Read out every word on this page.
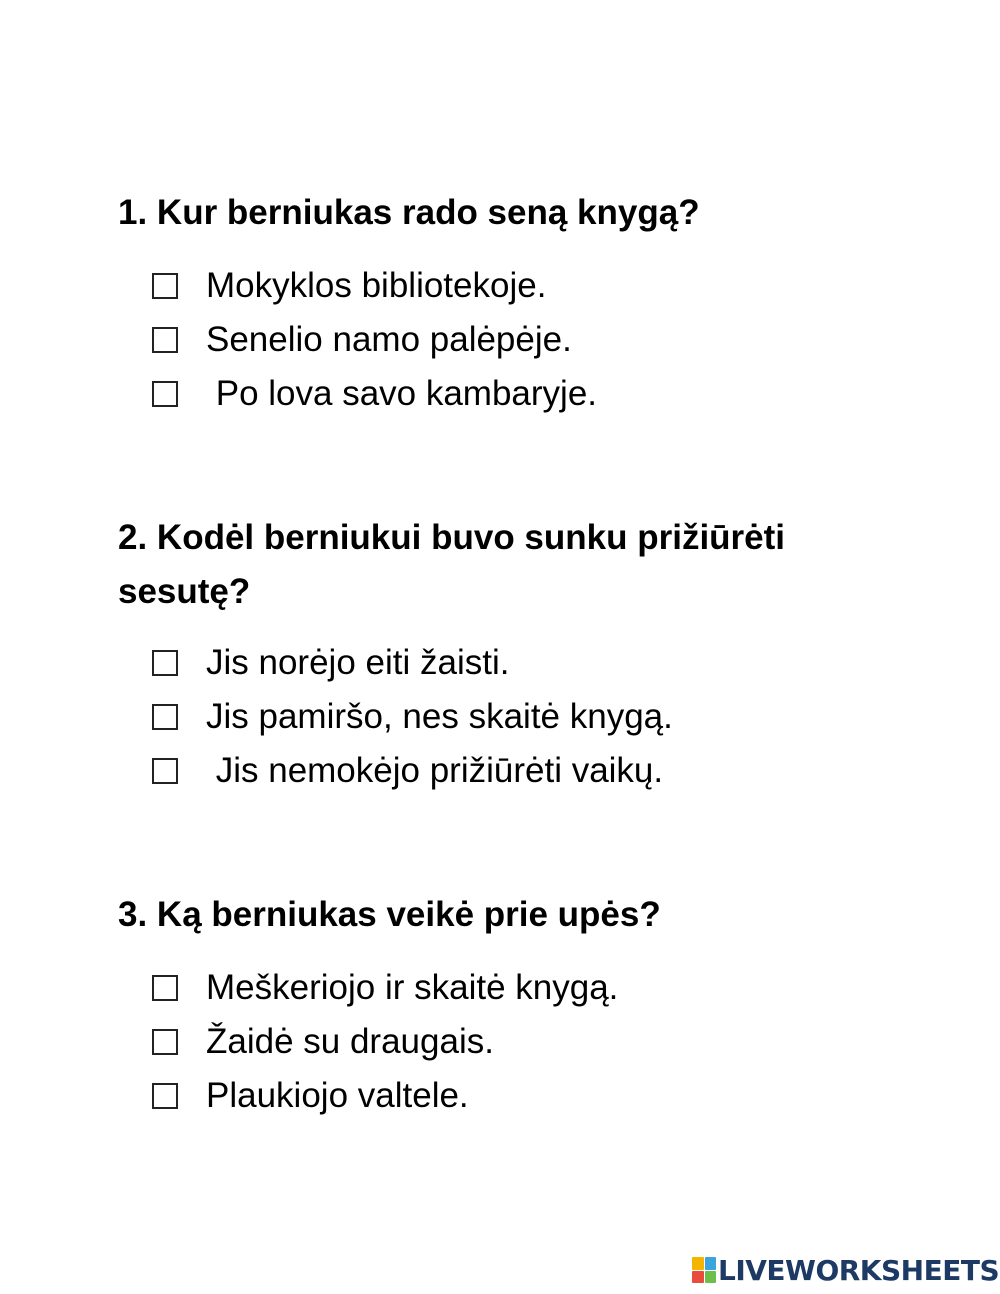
1. Kur berniukas rado seną knygą?
Mokyklos bibliotekoje.
Senelio namo palėpėje.
Po lova savo kambaryje.
2. Kodėl berniukui buvo sunku prižiūrėti sesutę?
Jis norėjo eiti žaisti.
Jis pamiršo, nes skaitė knygą.
Jis nemokėjo prižiūrėti vaikų.
3. Ką berniukas veikė prie upės?
Meškeriojo ir skaitė knygą.
Žaidė su draugais.
Plaukiojo valtele.
LIVEWORKSHEETS
